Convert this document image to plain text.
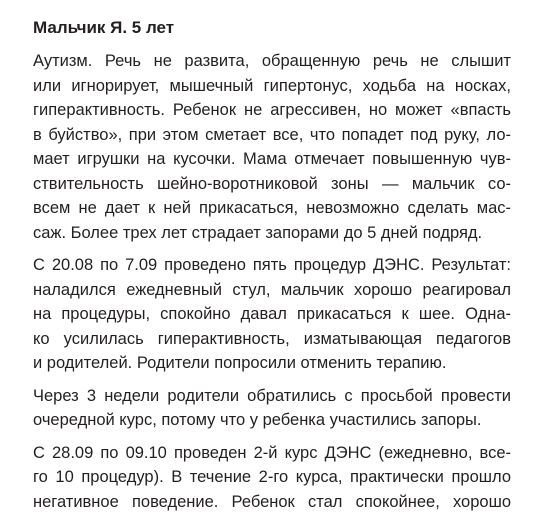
Мальчик Я. 5 лет
Аутизм. Речь не развита, обращенную речь не слышит
или игнорирует, мышечный гипертонус, ходьба на носках,
гиперактивность. Ребенок не агрессивен, но может «впасть
в буйство», при этом сметает все, что попадет под руку, ло-
мает игрушки на кусочки. Мама отмечает повышенную чув-
ствительность шейно-воротниковой зоны — мальчик со-
всем не дает к ней прикасаться, невозможно сделать мас-
саж. Более трех лет страдает запорами до 5 дней подряд.
С 20.08 по 7.09 проведено пять процедур ДЭНС. Результат:
наладился ежедневный стул, мальчик хорошо реагировал
на процедуры, спокойно давал прикасаться к шее. Одна-
ко усилилась гиперактивность, изматывающая педагогов
и родителей. Родители попросили отменить терапию.
Через 3 недели родители обратились с просьбой провести
очередной курс, потому что у ребенка участились запоры.
С 28.09 по 09.10 проведен 2-й курс ДЭНС (ежедневно, все-
го 10 процедур). В течение 2-го курса, практически прошло
негативное поведение. Ребенок стал спокойнее, хорошо
